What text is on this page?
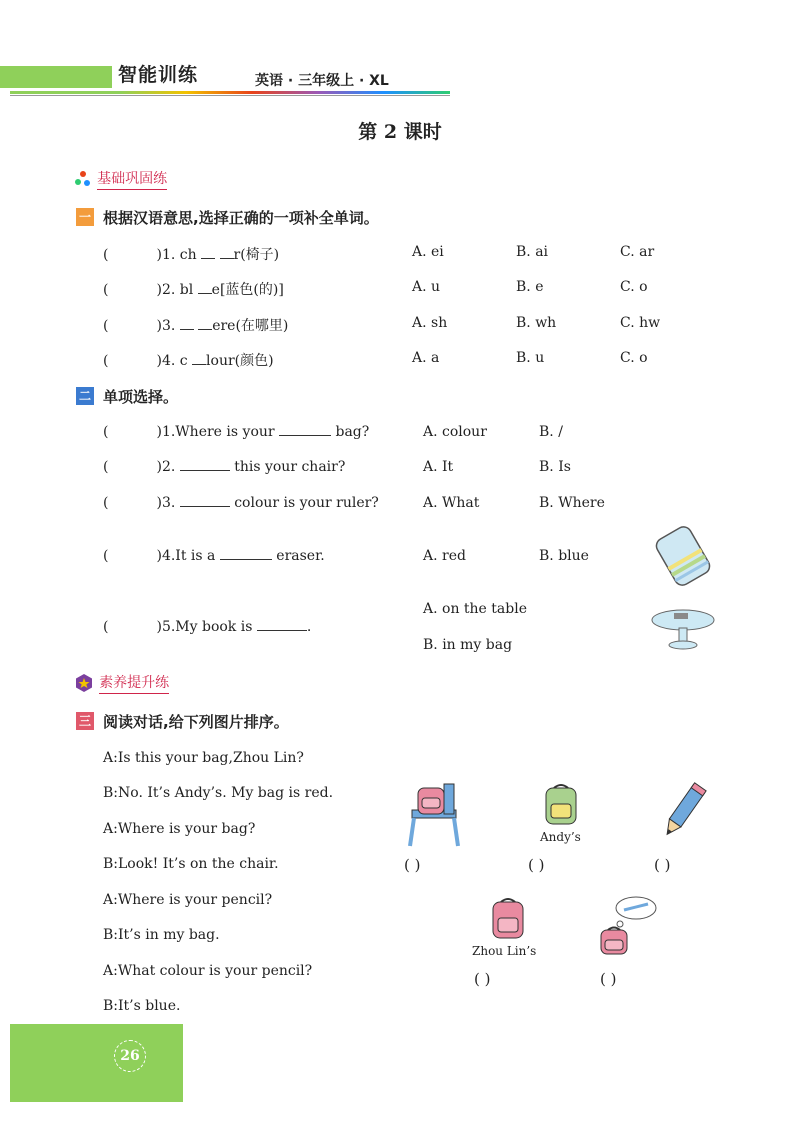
智能训练	英语 · 三年级上 · XL
第 2 课时
基础巩固练
一 根据汉语意思,选择正确的一项补全单词。
(	)1. ch	r(椅子)	A. ei	B. ai	C. ar
(	)2. bl e[蓝色(的)]	A. u	B. e	C. o
(	)3.	ere(在哪里)	A. sh	B. wh	C. hw
(	)4. c lour(颜色)	A. a	B. u	C. o
二 单项选择。
(	)1.Where is your	bag?	A. colour	B. /
(	)2.	this your chair?	A. It	B. Is
(	)3.	colour is your ruler?	A. What	B. Where
(	)4.It is a	eraser.	A. red	B. blue
(	)5.My book is	.
A. on the table
B. in my bag
素养提升练
三 阅读对话,给下列图片排序。
A:Is this your bag,Zhou Lin?
B:No. It’s Andy’s. My bag is red.
A:Where is your bag?
B:Look! It’s on the chair.
A:Where is your pencil?
B:It’s in my bag.
A:What colour is your pencil?
B:It’s blue.
Andy’s
( )	( )	( )
Zhou Lin’s
( )	( )
26
